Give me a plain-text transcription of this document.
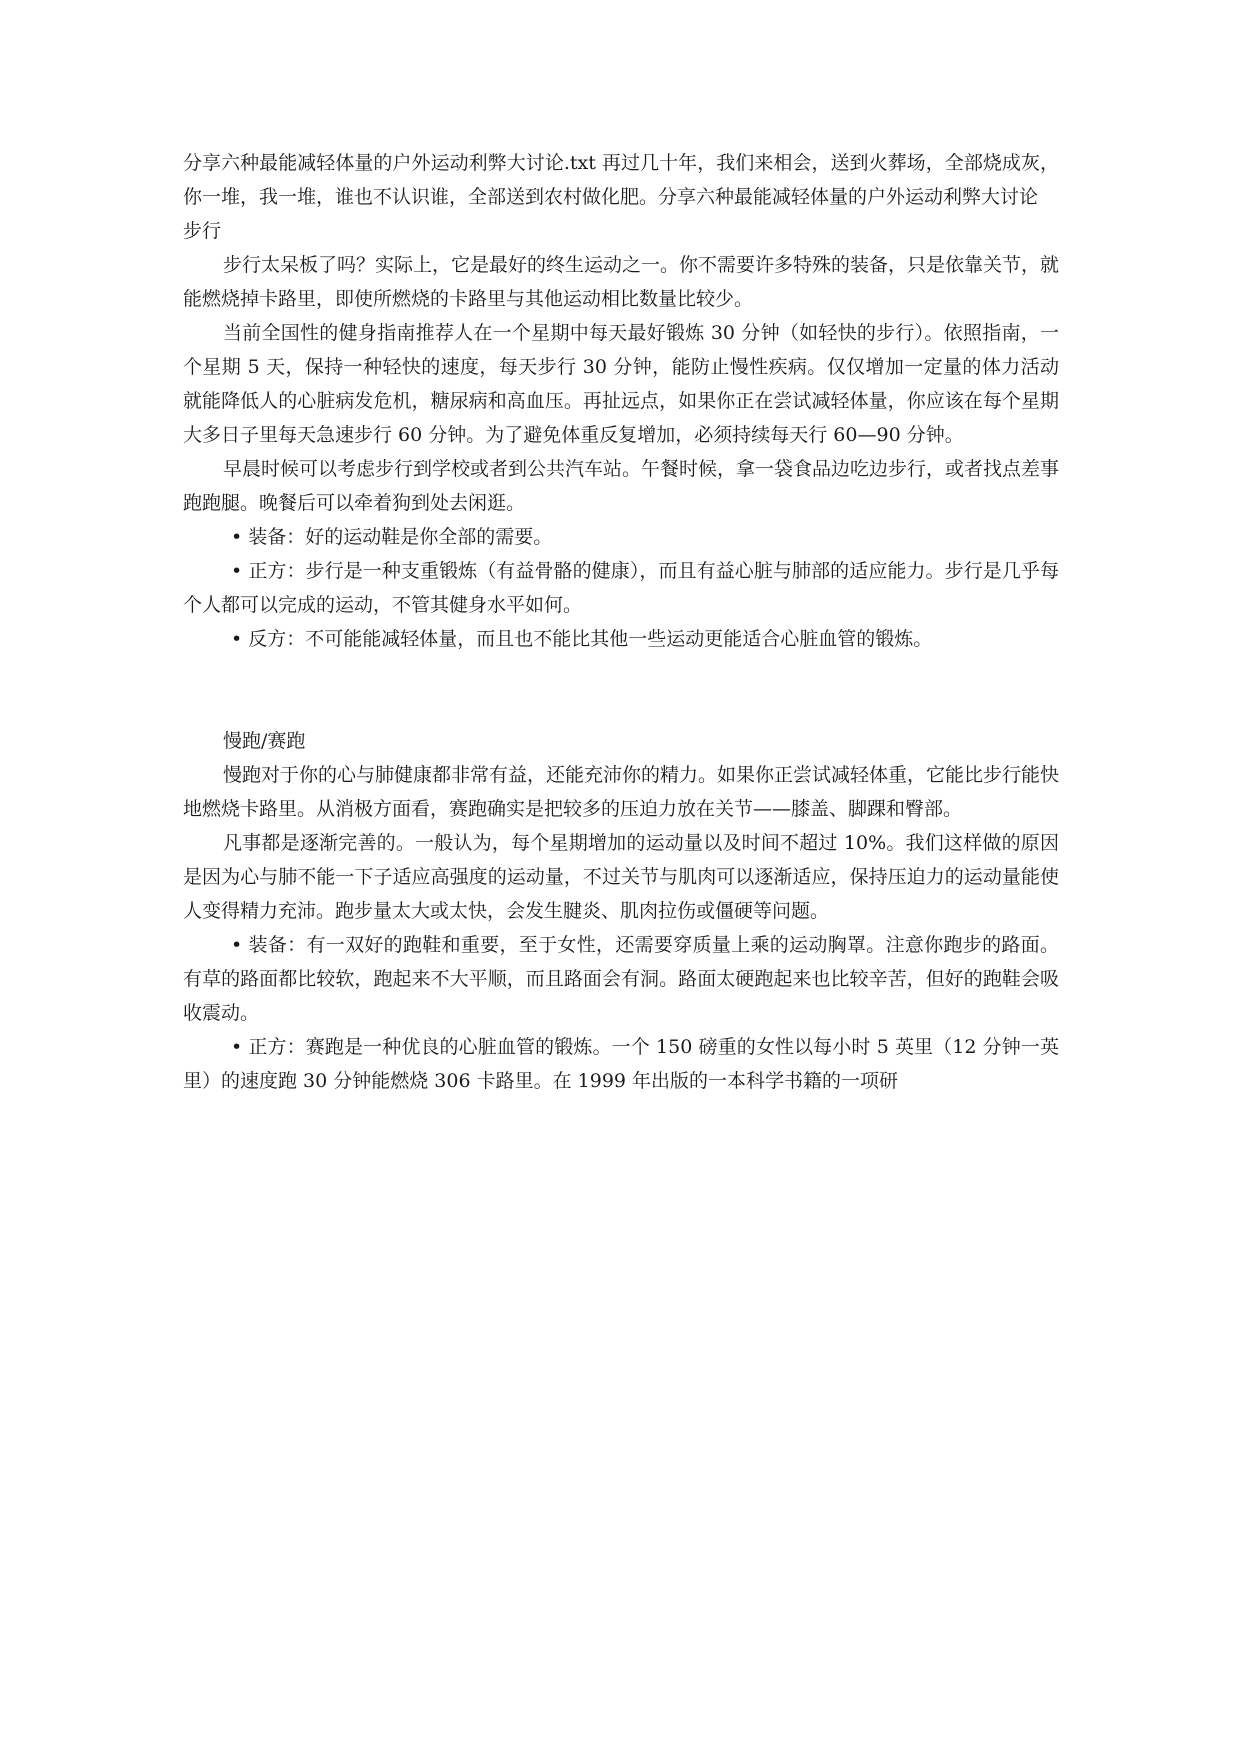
分享六种最能减轻体量的户外运动利弊大讨论.txt 再过几十年，我们来相会，送到火葬场，全部烧成灰，你一堆，我一堆，谁也不认识谁，全部送到农村做化肥。分享六种最能减轻体量的户外运动利弊大讨论

步行

步行太呆板了吗？实际上，它是最好的终生运动之一。你不需要许多特殊的装备，只是依靠关节，就能燃烧掉卡路里，即使所燃烧的卡路里与其他运动相比数量比较少。

当前全国性的健身指南推荐人在一个星期中每天最好锻炼 30 分钟（如轻快的步行）。依照指南，一个星期 5 天，保持一种轻快的速度，每天步行 30 分钟，能防止慢性疾病。仅仅增加一定量的体力活动就能降低人的心脏病发危机，糖尿病和高血压。再扯远点，如果你正在尝试减轻体量，你应该在每个星期大多日子里每天急速步行 60 分钟。为了避免体重反复增加，必须持续每天行 60—90 分钟。

早晨时候可以考虑步行到学校或者到公共汽车站。午餐时候，拿一袋食品边吃边步行，或者找点差事跑跑腿。晚餐后可以牵着狗到处去闲逛。

• 装备：好的运动鞋是你全部的需要。

• 正方：步行是一种支重锻炼（有益骨骼的健康），而且有益心脏与肺部的适应能力。步行是几乎每个人都可以完成的运动，不管其健身水平如何。

• 反方：不可能能减轻体量，而且也不能比其他一些运动更能适合心脏血管的锻炼。

慢跑/赛跑

慢跑对于你的心与肺健康都非常有益，还能充沛你的精力。如果你正尝试减轻体重，它能比步行能快地燃烧卡路里。从消极方面看，赛跑确实是把较多的压迫力放在关节——膝盖、脚踝和臀部。

凡事都是逐渐完善的。一般认为，每个星期增加的运动量以及时间不超过 10%。我们这样做的原因是因为心与肺不能一下子适应高强度的运动量，不过关节与肌肉可以逐渐适应，保持压迫力的运动量能使人变得精力充沛。跑步量太大或太快，会发生腱炎、肌肉拉伤或僵硬等问题。

• 装备：有一双好的跑鞋和重要，至于女性，还需要穿质量上乘的运动胸罩。注意你跑步的路面。有草的路面都比较软，跑起来不大平顺，而且路面会有洞。路面太硬跑起来也比较辛苦，但好的跑鞋会吸收震动。

• 正方：赛跑是一种优良的心脏血管的锻炼。一个 150 磅重的女性以每小时 5 英里（12 分钟一英里）的速度跑 30 分钟能燃烧 306 卡路里。在 1999 年出版的一本科学书籍的一项研
